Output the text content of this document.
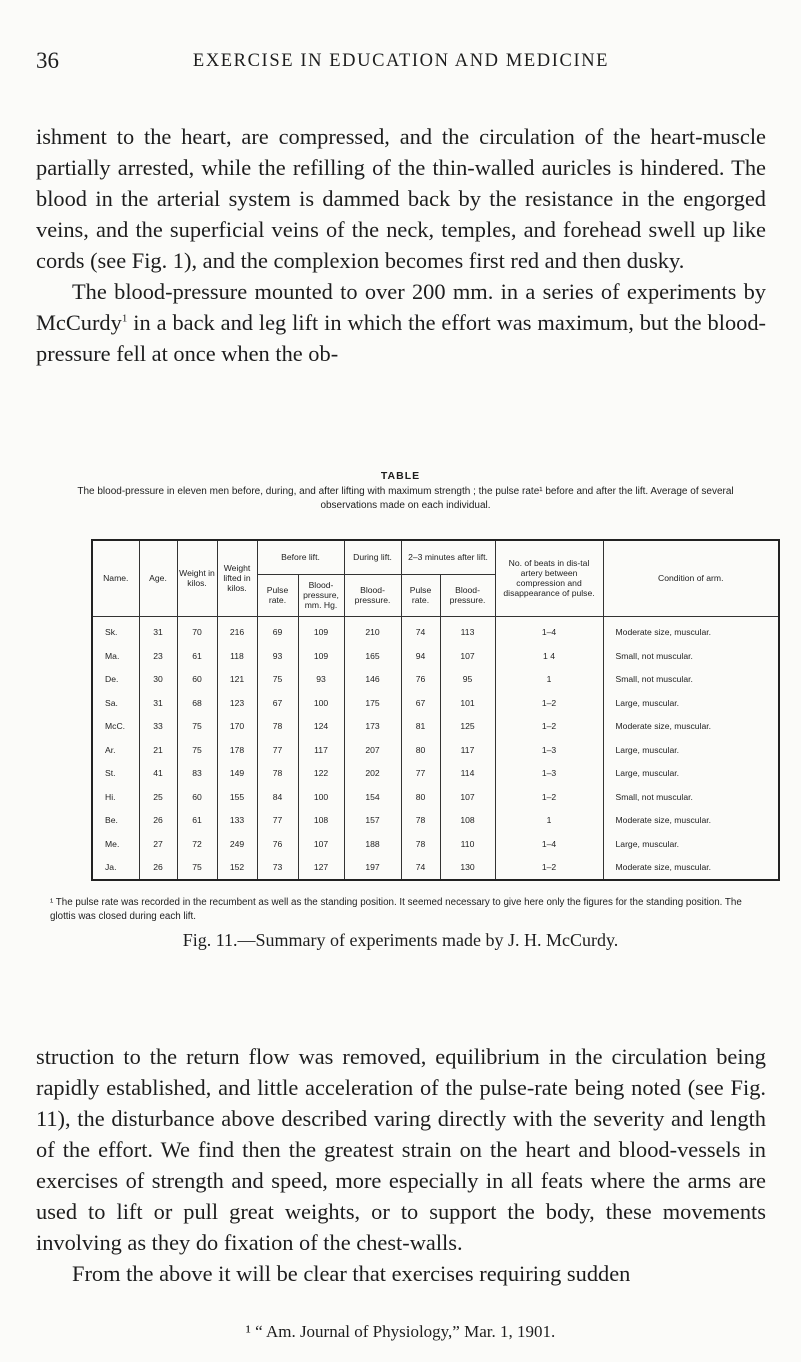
36	EXERCISE IN EDUCATION AND MEDICINE

ishment to the heart, are compressed, and the circulation of the heart-muscle partially arrested, while the refilling of the thin-walled auricles is hindered. The blood in the arterial system is dammed back by the resistance in the engorged veins, and the superficial veins of the neck, temples, and forehead swell up like cords (see Fig. 1), and the complexion becomes first red and then dusky.

The blood-pressure mounted to over 200 mm. in a series of experiments by McCurdy$^1$ in a back and leg lift in which the effort was maximum, but the blood-pressure fell at once when the ob-

TABLE
The blood-pressure in eleven men before, during, and after lifting with maximum strength ; the pulse rate¹ before and after the lift. Average of several observations made on each individual.
Name.	Age.	Weight in kilos.	Weight lifted in kilos.	Before lift.		During lift.	2–3 minutes after lift.		No. of beats in dis-tal artery between compression and disappearance of pulse.	Condition of arm.
				Pulse rate.	Blood-pressure, mm. Hg.	Blood-pressure.	Pulse rate.	Blood-pressure.		
Sk.	31	70	216	69	109	210	74	113	1–4	Moderate size, muscular.
Ma.	23	61	118	93	109	165	94	107	1 4	Small, not muscular.
De.	30	60	121	75	93	146	76	95	1	Small, not muscular.
Sa.	31	68	123	67	100	175	67	101	1–2	Large, muscular.
McC.	33	75	170	78	124	173	81	125	1–2	Moderate size, muscular.
Ar.	21	75	178	77	117	207	80	117	1–3	Large, muscular.
St.	41	83	149	78	122	202	77	114	1–3	Large, muscular.
Hi.	25	60	155	84	100	154	80	107	1–2	Small, not muscular.
Be.	26	61	133	77	108	157	78	108	1	Moderate size, muscular.
Me.	27	72	249	76	107	188	78	110	1–4	Large, muscular.
Ja.	26	75	152	73	127	197	74	130	1–2	Moderate size, muscular.
¹ The pulse rate was recorded in the recumbent as well as the standing position. It seemed necessary to give here only the figures for the standing position. The glottis was closed during each lift.
Fig. 11.—Summary of experiments made by J. H. McCurdy.

struction to the return flow was removed, equilibrium in the circulation being rapidly established, and little acceleration of the pulse-rate being noted (see Fig. 11), the disturbance above described varing directly with the severity and length of the effort. We find then the greatest strain on the heart and blood-vessels in exercises of strength and speed, more especially in all feats where the arms are used to lift or pull great weights, or to support the body, these movements involving as they do fixation of the chest-walls.

From the above it will be clear that exercises requiring sudden

¹ “ Am. Journal of Physiology,” Mar. 1, 1901.
